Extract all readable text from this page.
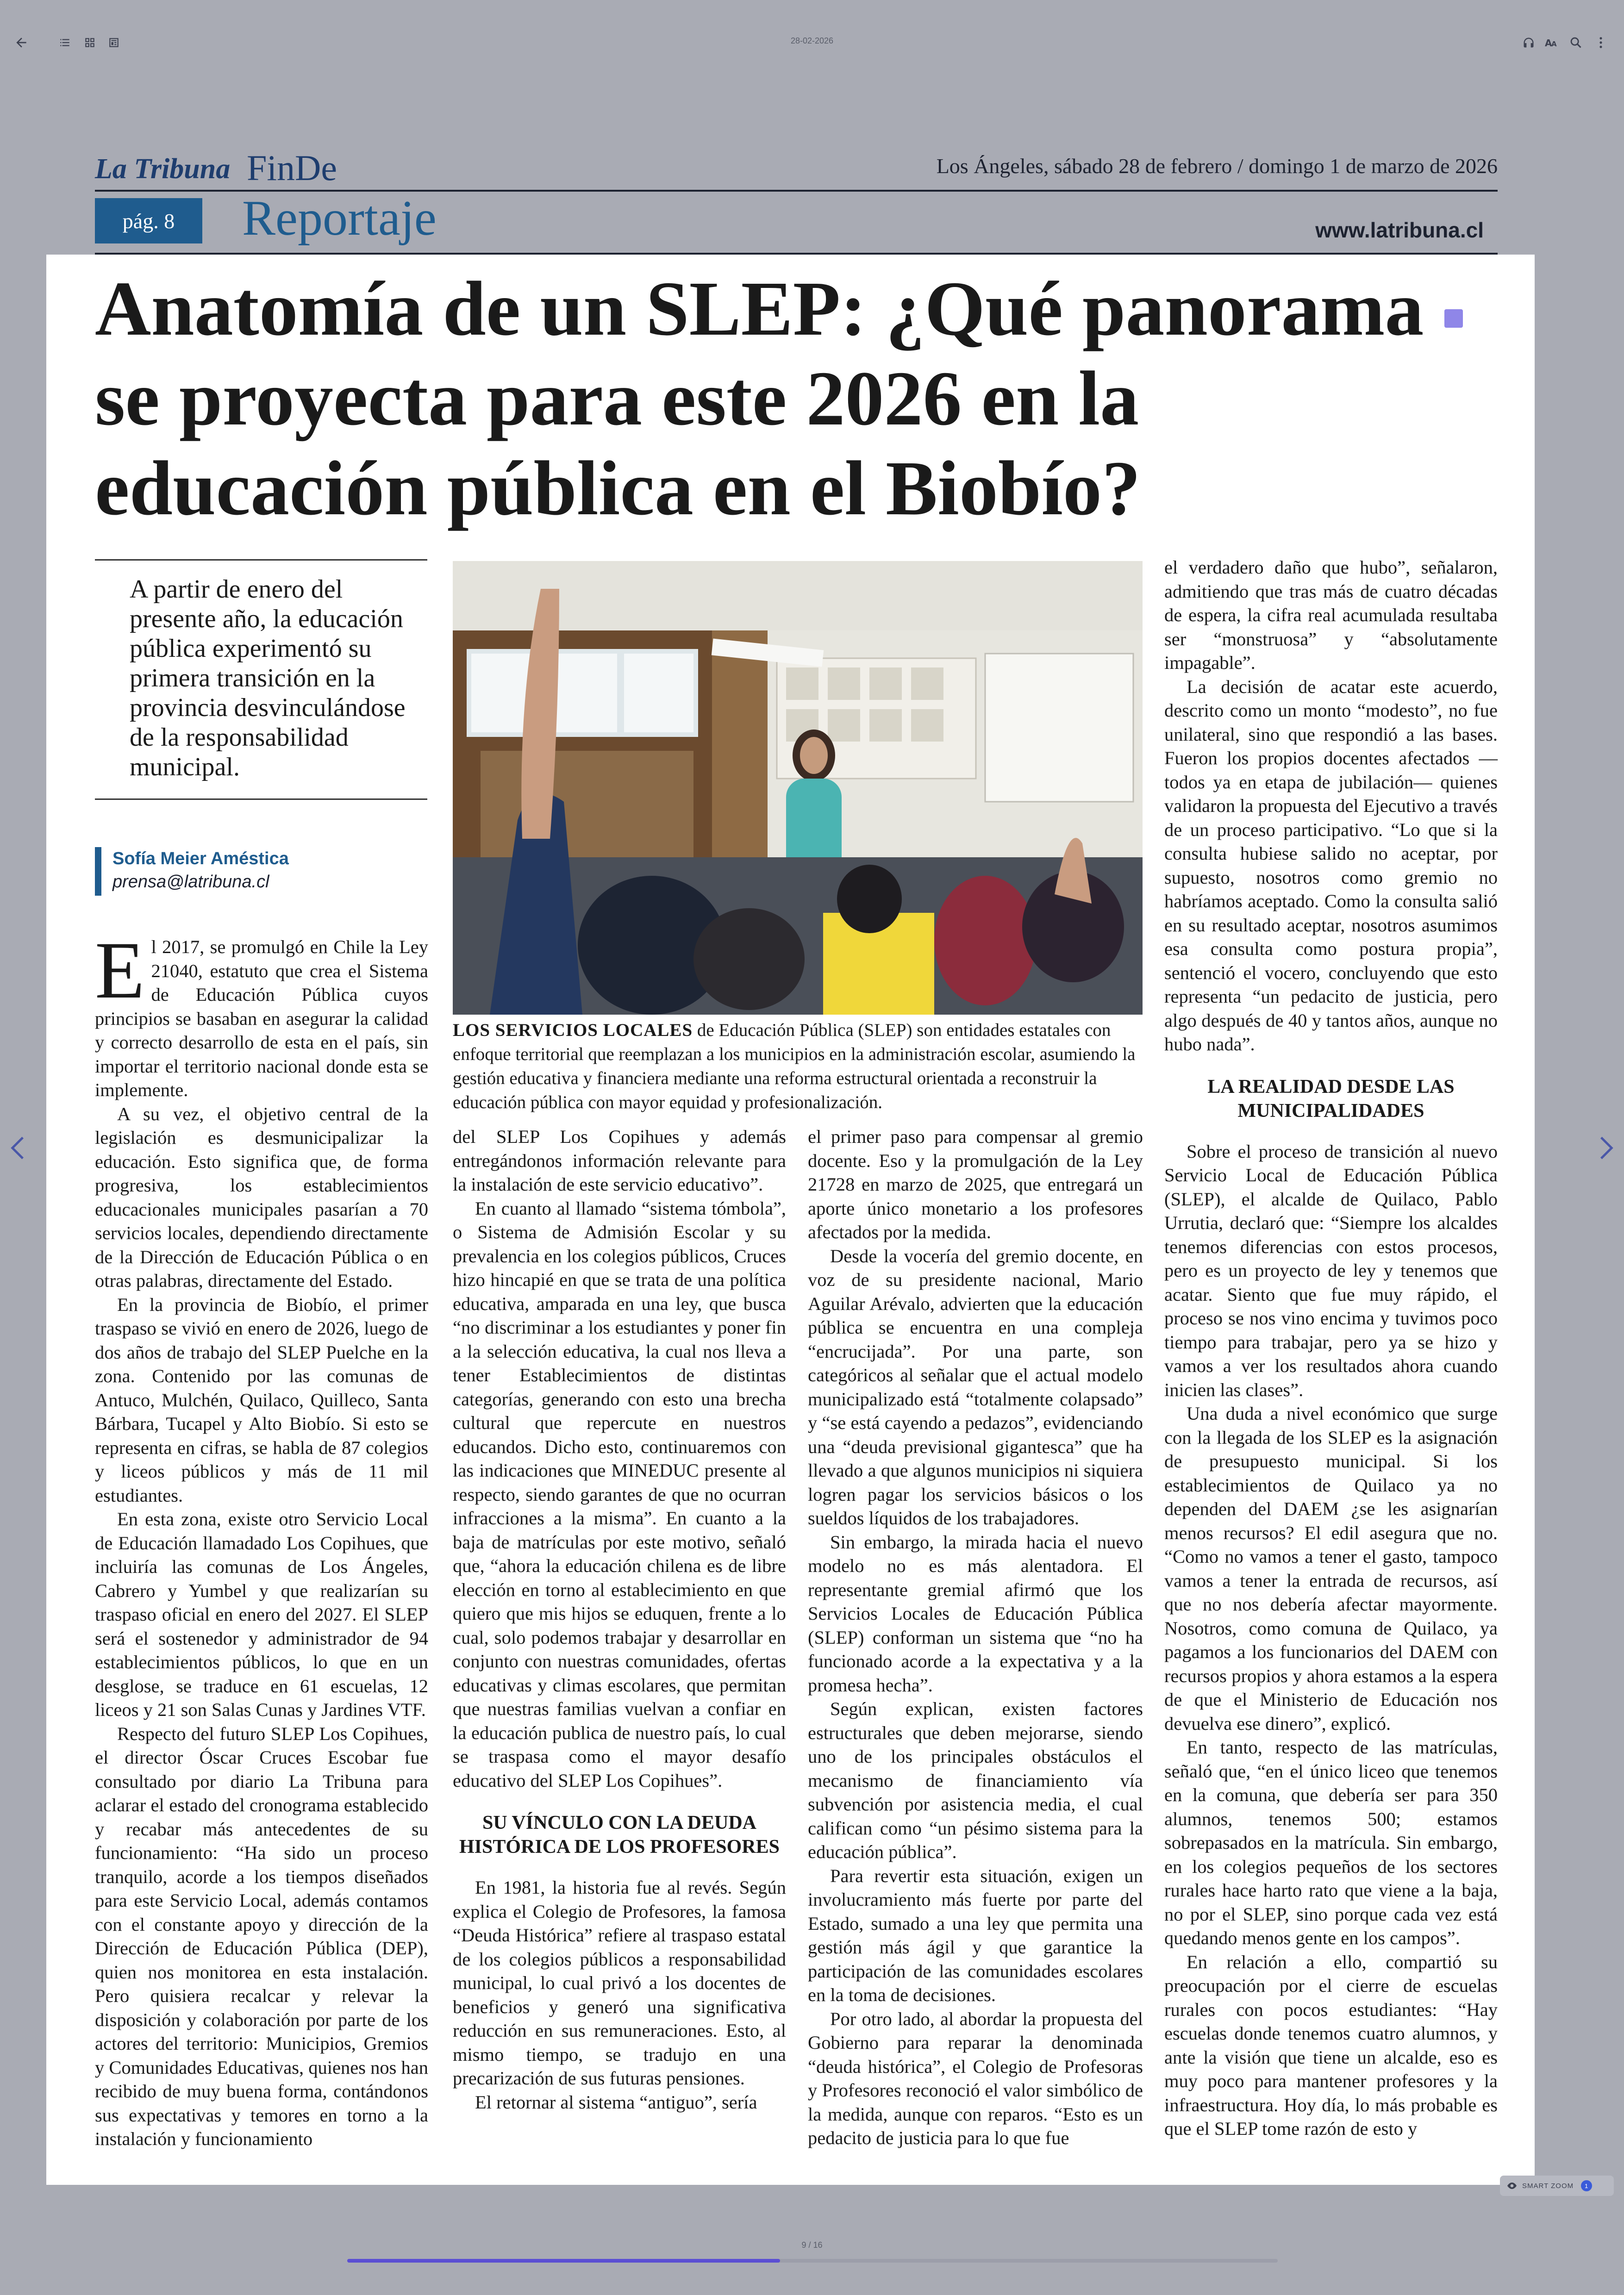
28-02-2026	A
A
La Tribuna FinDe	Los Ángeles, sábado 28 de febrero / domingo 1 de marzo de 2026
pág. 8	Reportaje	www.latribuna.cl
Anatomía de un SLEP: ¿Qué panorama se proyecta para este 2026 en la educación pública en el Biobío?

A partir de enero del presente año, la educación pública experimentó su primera transición en la provincia desvinculándose de la responsabilidad municipal.

Sofía Meier Améstica
prensa@latribuna.cl
LOS SERVICIOS LOCALES de Educación Pública (SLEP) son entidades estatales con enfoque territorial que reemplazan a los municipios en la administración escolar, asumiendo la gestión educativa y financiera mediante una reforma estructural orientada a reconstruir la educación pública con mayor equidad y profesionalización.

El 2017, se promulgó en Chile la Ley 21040, estatuto que crea el Sistema de Educación Pública cuyos principios se basaban en asegurar la calidad y correcto desarrollo de esta en el país, sin importar el territorio nacional donde esta se implemente.

A su vez, el objetivo central de la legislación es desmunicipalizar la educación. Esto significa que, de forma progresiva, los establecimientos educacionales municipales pasarían a 70 servicios locales, dependiendo directamente de la Dirección de Educación Pública o en otras palabras, directamente del Estado.

En la provincia de Biobío, el primer traspaso se vivió en enero de 2026, luego de dos años de trabajo del SLEP Puelche en la zona. Contenido por las comunas de Antuco, Mulchén, Quilaco, Quilleco, Santa Bárbara, Tucapel y Alto Biobío. Si esto se representa en cifras, se habla de 87 colegios y liceos públicos y más de 11 mil estudiantes.

En esta zona, existe otro Servicio Local de Educación llamadado Los Copihues, que incluiría las comunas de Los Ángeles, Cabrero y Yumbel y que realizarían su traspaso oficial en enero del 2027. El SLEP será el sostenedor y administrador de 94 establecimientos públicos, lo que en un desglose, se traduce en 61 escuelas, 12 liceos y 21 son Salas Cunas y Jardines VTF.

Respecto del futuro SLEP Los Copihues, el director Óscar Cruces Escobar fue consultado por diario La Tribuna para aclarar el estado del cronograma establecido y recabar más antecedentes de su funcionamiento: “Ha sido un proceso tranquilo, acorde a los tiempos diseñados para este Servicio Local, además contamos con el constante apoyo y dirección de la Dirección de Educación Pública (DEP), quien nos monitorea en esta instalación. Pero quisiera recalcar y relevar la disposición y colaboración por parte de los actores del territorio: Municipios, Gremios y Comunidades Educativas, quienes nos han recibido de muy buena forma, contándonos sus expectativas y temores en torno a la instalación y funcionamiento

del SLEP Los Copihues y además entregándonos información relevante para la instalación de este servicio educativo”.

En cuanto al llamado “sistema tómbola”, o Sistema de Admisión Escolar y su prevalencia en los colegios públicos, Cruces hizo hincapié en que se trata de una política educativa, amparada en una ley, que busca “no discriminar a los estudiantes y poner fin a la selección educativa, la cual nos lleva a tener Establecimientos de distintas categorías, generando con esto una brecha cultural que repercute en nuestros educandos. Dicho esto, continuaremos con las indicaciones que MINEDUC presente al respecto, siendo garantes de que no ocurran infracciones a la misma”. En cuanto a la baja de matrículas por este motivo, señaló que, “ahora la educación chilena es de libre elección en torno al establecimiento en que quiero que mis hijos se eduquen, frente a lo cual, solo podemos trabajar y desarrollar en conjunto con nuestras comunidades, ofertas educativas y climas escolares, que permitan que nuestras familias vuelvan a confiar en la educación publica de nuestro país, lo cual se traspasa como el mayor desafío educativo del SLEP Los Copihues”.

SU VÍNCULO CON LA DEUDA HISTÓRICA DE LOS PROFESORES

En 1981, la historia fue al revés. Según explica el Colegio de Profesores, la famosa “Deuda Histórica” refiere al traspaso estatal de los colegios públicos a responsabilidad municipal, lo cual privó a los docentes de beneficios y generó una significativa reducción en sus remuneraciones. Esto, al mismo tiempo, se tradujo en una precarización de sus futuras pensiones.

El retornar al sistema “antiguo”, sería

el primer paso para compensar al gremio docente. Eso y la promulgación de la Ley 21728 en marzo de 2025, que entregará un aporte único monetario a los profesores afectados por la medida.

Desde la vocería del gremio docente, en voz de su presidente nacional, Mario Aguilar Arévalo, advierten que la educación pública se encuentra en una compleja “encrucijada”. Por una parte, son categóricos al señalar que el actual modelo municipalizado está “totalmente colapsado” y “se está cayendo a pedazos”, evidenciando una “deuda previsional gigantesca” que ha llevado a que algunos municipios ni siquiera logren pagar los servicios básicos o los sueldos líquidos de los trabajadores.

Sin embargo, la mirada hacia el nuevo modelo no es más alentadora. El representante gremial afirmó que los Servicios Locales de Educación Pública (SLEP) conforman un sistema que “no ha funcionado acorde a la expectativa y a la promesa hecha”.

Según explican, existen factores estructurales que deben mejorarse, siendo uno de los principales obstáculos el mecanismo de financiamiento vía subvención por asistencia media, el cual califican como “un pésimo sistema para la educación pública”.

Para revertir esta situación, exigen un involucramiento más fuerte por parte del Estado, sumado a una ley que permita una gestión más ágil y que garantice la participación de las comunidades escolares en la toma de decisiones.

Por otro lado, al abordar la propuesta del Gobierno para reparar la denominada “deuda histórica”, el Colegio de Profesoras y Profesores reconoció el valor simbólico de la medida, aunque con reparos. “Esto es un pedacito de justicia para lo que fue

el verdadero daño que hubo”, señalaron, admitiendo que tras más de cuatro décadas de espera, la cifra real acumulada resultaba ser “monstruosa” y “absolutamente impagable”.

La decisión de acatar este acuerdo, descrito como un monto “modesto”, no fue unilateral, sino que respondió a las bases. Fueron los propios docentes afectados —todos ya en etapa de jubilación— quienes validaron la propuesta del Ejecutivo a través de un proceso participativo. “Lo que si la consulta hubiese salido no aceptar, por supuesto, nosotros como gremio no habríamos aceptado. Como la consulta salió en su resultado aceptar, nosotros asumimos esa consulta como postura propia”, sentenció el vocero, concluyendo que esto representa “un pedacito de justicia, pero algo después de 40 y tantos años, aunque no hubo nada”.

LA REALIDAD DESDE LAS MUNICIPALIDADES

Sobre el proceso de transición al nuevo Servicio Local de Educación Pública (SLEP), el alcalde de Quilaco, Pablo Urrutia, declaró que: “Siempre los alcaldes tenemos diferencias con estos procesos, pero es un proyecto de ley y tenemos que acatar. Siento que fue muy rápido, el proceso se nos vino encima y tuvimos poco tiempo para trabajar, pero ya se hizo y vamos a ver los resultados ahora cuando inicien las clases”.

Una duda a nivel económico que surge con la llegada de los SLEP es la asignación de presupuesto municipal. Si los establecimientos de Quilaco ya no dependen del DAEM ¿se les asignarían menos recursos? El edil asegura que no. “Como no vamos a tener el gasto, tampoco vamos a tener la entrada de recursos, así que no nos debería afectar mayormente. Nosotros, como comuna de Quilaco, ya pagamos a los funcionarios del DAEM con recursos propios y ahora estamos a la espera de que el Ministerio de Educación nos devuelva ese dinero”, explicó.

En tanto, respecto de las matrículas, señaló que, “en el único liceo que tenemos en la comuna, que debería ser para 350 alumnos, tenemos 500; estamos sobrepasados en la matrícula. Sin embargo, en los colegios pequeños de los sectores rurales hace harto rato que viene a la baja, no por el SLEP, sino porque cada vez está quedando menos gente en los campos”.

En relación a ello, compartió su preocupación por el cierre de escuelas rurales con pocos estudiantes: “Hay escuelas donde tenemos cuatro alumnos, y ante la visión que tiene un alcalde, eso es muy poco para mantener profesores y la infraestructura. Hoy día, lo más probable es que el SLEP tome razón de esto y

SMART ZOOM	1
9 / 16
